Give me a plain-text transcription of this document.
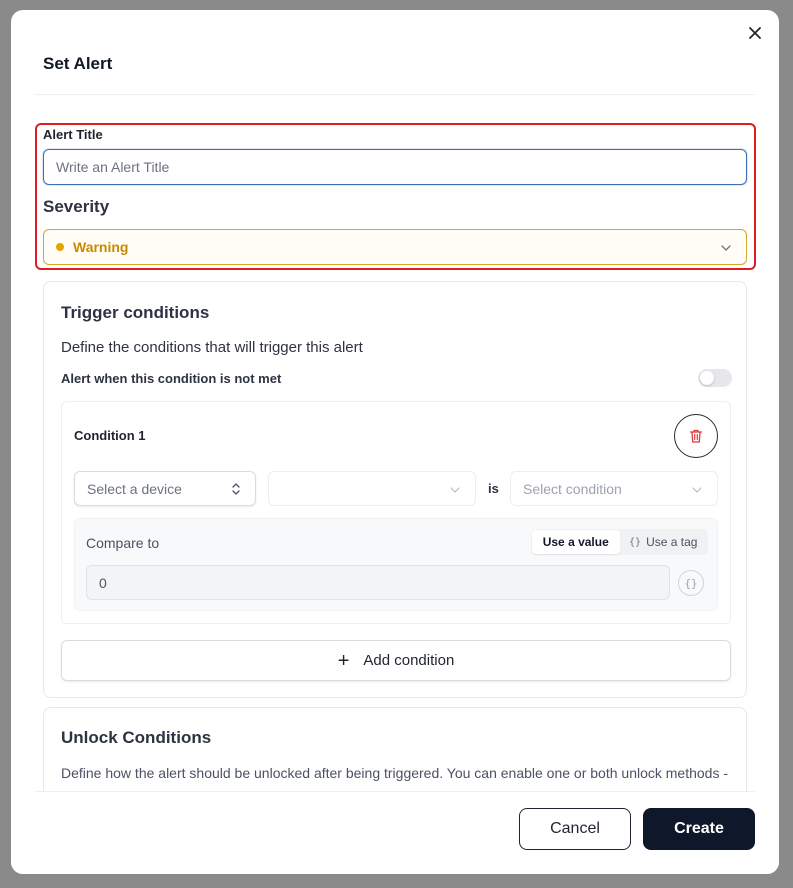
Set Alert
Alert Title
Write an Alert Title
Severity
Warning
Trigger conditions
Define the conditions that will trigger this alert
Alert when this condition is not met
Condition 1
Select a device	is Select condition
Compare to	Use a value {} Use a tag
0
{}
+ Add condition
Unlock Conditions
Define how the alert should be unlocked after being triggered. You can enable one or both unlock methods -
Cancel	Create
